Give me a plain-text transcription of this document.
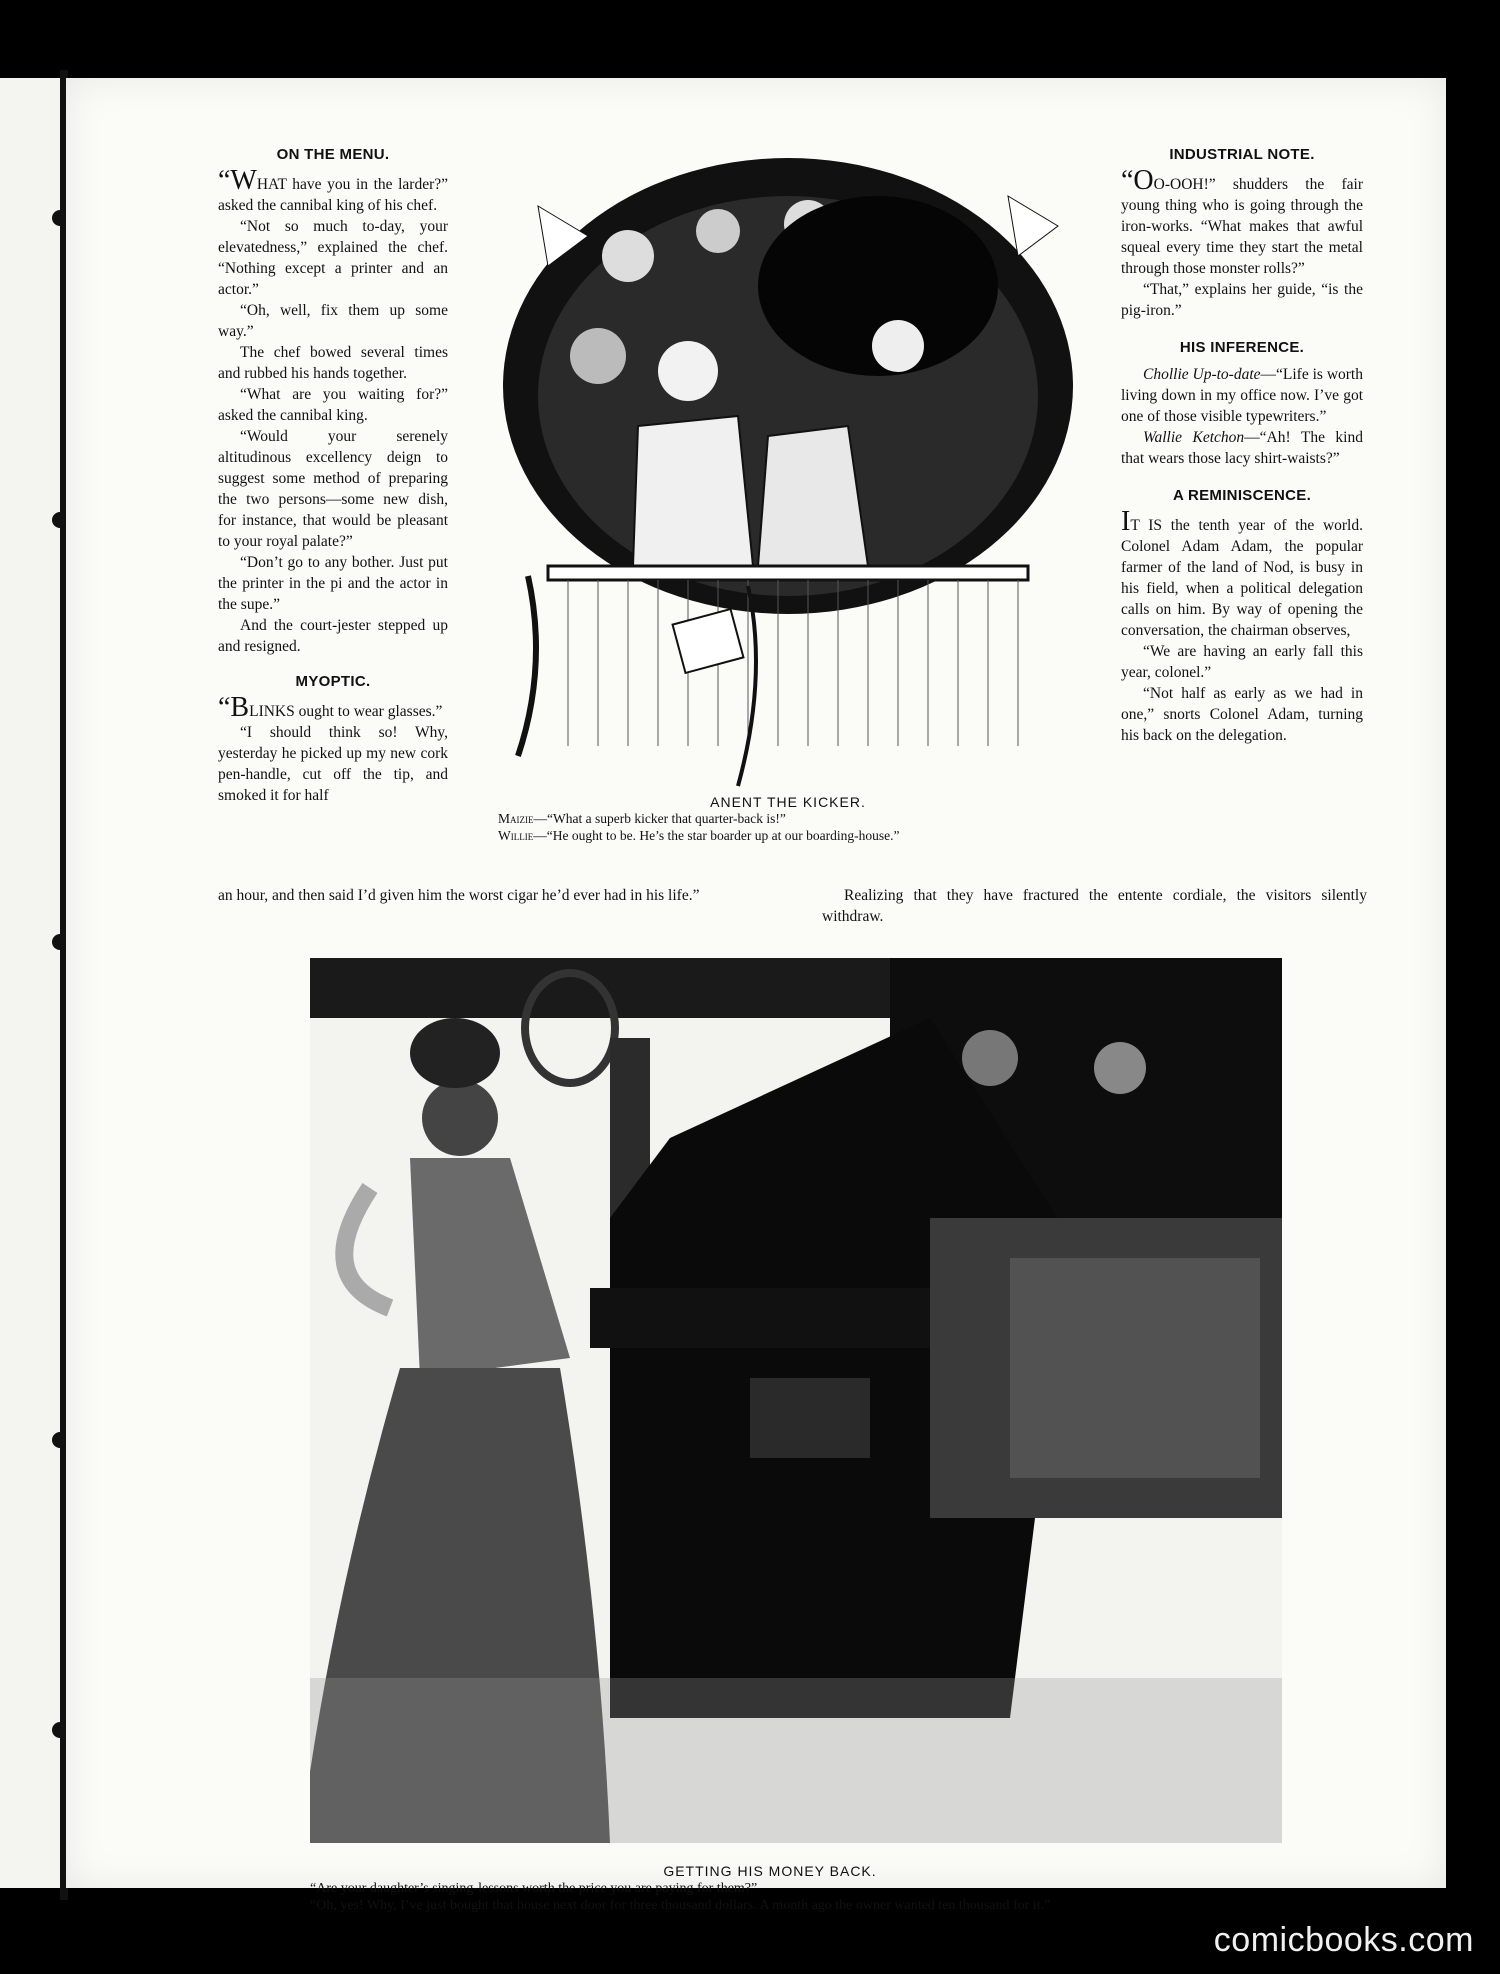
ON THE MENU.

“WHAT have you in the larder?” asked the cannibal king of his chef.

“Not so much to-day, your elevatedness,” explained the chef. “Nothing except a printer and an actor.”

“Oh, well, fix them up some way.”

The chef bowed several times and rubbed his hands together.

“What are you waiting for?” asked the cannibal king.

“Would your serenely altitudinous excellency deign to suggest some method of preparing the two persons—some new dish, for instance, that would be pleasant to your royal palate?”

“Don’t go to any bother. Just put the printer in the pi and the actor in the supe.”

And the court-jester stepped up and resigned.

MYOPTIC.

“BLINKS ought to wear glasses.”

“I should think so! Why, yesterday he picked up my new cork pen-handle, cut off the tip, and smoked it for half

an hour, and then said I’d given him the worst cigar he’d ever had in his life.”	Realizing that they have fractured the entente cordiale, the visitors silently withdraw.
ANENT THE KICKER.
Maizie—“What a superb kicker that quarter-back is!”
Willie—“He ought to be. He’s the star boarder up at our boarding-house.”
INDUSTRIAL NOTE.

“OO-OOH!” shudders the fair young thing who is going through the iron-works. “What makes that awful squeal every time they start the metal through those monster rolls?”

“That,” explains her guide, “is the pig-iron.”

HIS INFERENCE.

Chollie Up-to-date—“Life is worth living down in my office now. I’ve got one of those visible typewriters.”

Wallie Ketchon—“Ah! The kind that wears those lacy shirt-waists?”

A REMINISCENCE.

IT IS the tenth year of the world. Colonel Adam Adam, the popular farmer of the land of Nod, is busy in his field, when a political delegation calls on him. By way of opening the conversation, the chairman observes,

“We are having an early fall this year, colonel.”

“Not half as early as we had in one,” snorts Colonel Adam, turning his back on the delegation.

GETTING HIS MONEY BACK.
“Are your daughter’s singing-lessons worth the price you are paying for them?”
“Oh, yes! Why, I’ve just bought that house next door for three thousand dollars. A month ago the owner wanted ten thousand for it.”
comicbooks.com
